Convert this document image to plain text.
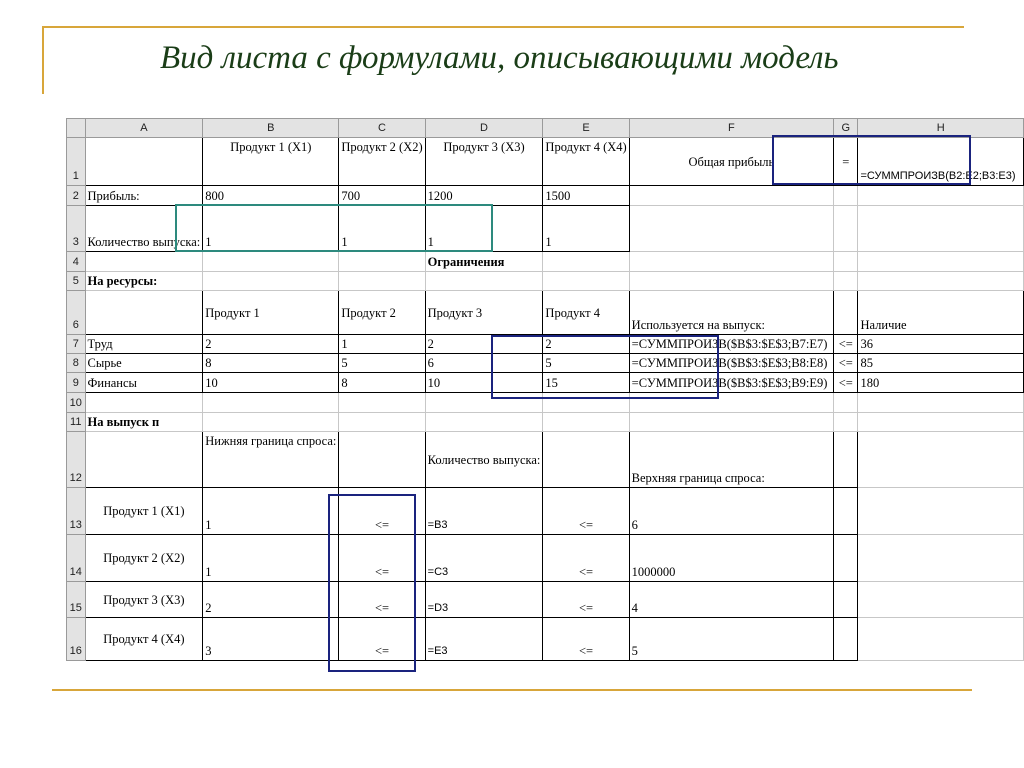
Вид листа с формулами, описывающими модель
	A	B	C	D	E	F	G	H
1		Продукт 1 (X1)	Продукт 2 (X2)	Продукт 3 (X3)	Продукт 4 (X4)	Общая прибыль	=	=СУММПРОИЗВ(B2:E2;B3:E3)
2	Прибыль:	800	700	1200	1500			
3	Количество выпуска:	1	1	1	1			
4				Ограничения				
5	На ресурсы:							
6		Продукт 1	Продукт 2	Продукт 3	Продукт 4	Используется на выпуск:		Наличие
7	Труд	2	1	2	2	=СУММПРОИЗВ($B$3:$E$3;B7:E7)	<=	36
8	Сырье	8	5	6	5	=СУММПРОИЗВ($B$3:$E$3;B8:E8)	<=	85
9	Финансы	10	8	10	15	=СУММПРОИЗВ($B$3:$E$3;B9:E9)	<=	180
10								
11	На выпуск п							
12		Нижняя граница спроса:		Количество выпуска:		Верхняя граница спроса:		
13	Продукт 1 (X1)	1	<=	=B3	<=	6		
14	Продукт 2 (X2)	1	<=	=C3	<=	1000000		
15	Продукт 3 (X3)	2	<=	=D3	<=	4		
16	Продукт 4 (X4)	3	<=	=E3	<=	5		
